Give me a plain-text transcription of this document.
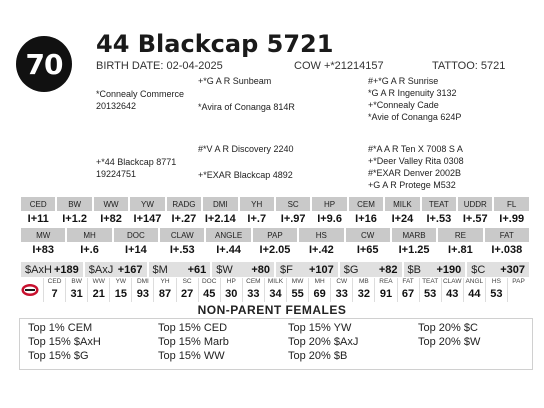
70
44 Blackcap 5721
BIRTH DATE: 02-04-2025	COW +*21214157	TATTOO: 5721
*Connealy Commerce
20132642
+*G A R Sunbeam
*Avira of Conanga 814R
#+*G A R Sunrise
*G A R Ingenuity 3132
+*Connealy Cade
*Avie of Conanga 624P
+*44 Blackcap 8771
19224751
#*V A R Discovery 2240
+*EXAR Blackcap 4892
#*A A R Ten X 7008 S A
+*Deer Valley Rita 0308
#*EXAR Denver 2002B
+G A R Protege M532
CED	BW	WW	YW	RADG	DMI	YH	SC	HP	CEM	MILK	TEAT	UDDR	FL
I+11	I+1.2	I+82	I+147 I+.27 I+2.14	I+.7	I+.97	I+9.6	I+16	I+24	I+.53	I+.57	I+.99
MW	MH	DOC	CLAW	ANGLE	PAP	HS	CW	MARB	RE	FAT
I+83	I+.6	I+14	I+.53	I+.44	I+2.05	I+.42	I+65	I+1.25	I+.81	I+.038
$AxH +189 $AxJ +167 $M +61 $W +80 $F +107 $G +82 $B +190 $C +307
CED	BW	WW	YW	DMI	YH	SC	DOC	HP	CEM	MILK	MW	MH	CW	MB	REA	FAT	TEAT CLAW ANGL	HS	PAP
7	31 21 15 93 87 27 45 30 33 34 55 69 33 32 91 67 53 43 44 53
NON-PARENT FEMALES
Top 1% CEM	Top 15% CED	Top 15% YW	Top 20% $C
Top 15% $AxH	Top 15% Marb	Top 20% $AxJ	Top 20% $W
Top 15% $G	Top 15% WW	Top 20% $B
